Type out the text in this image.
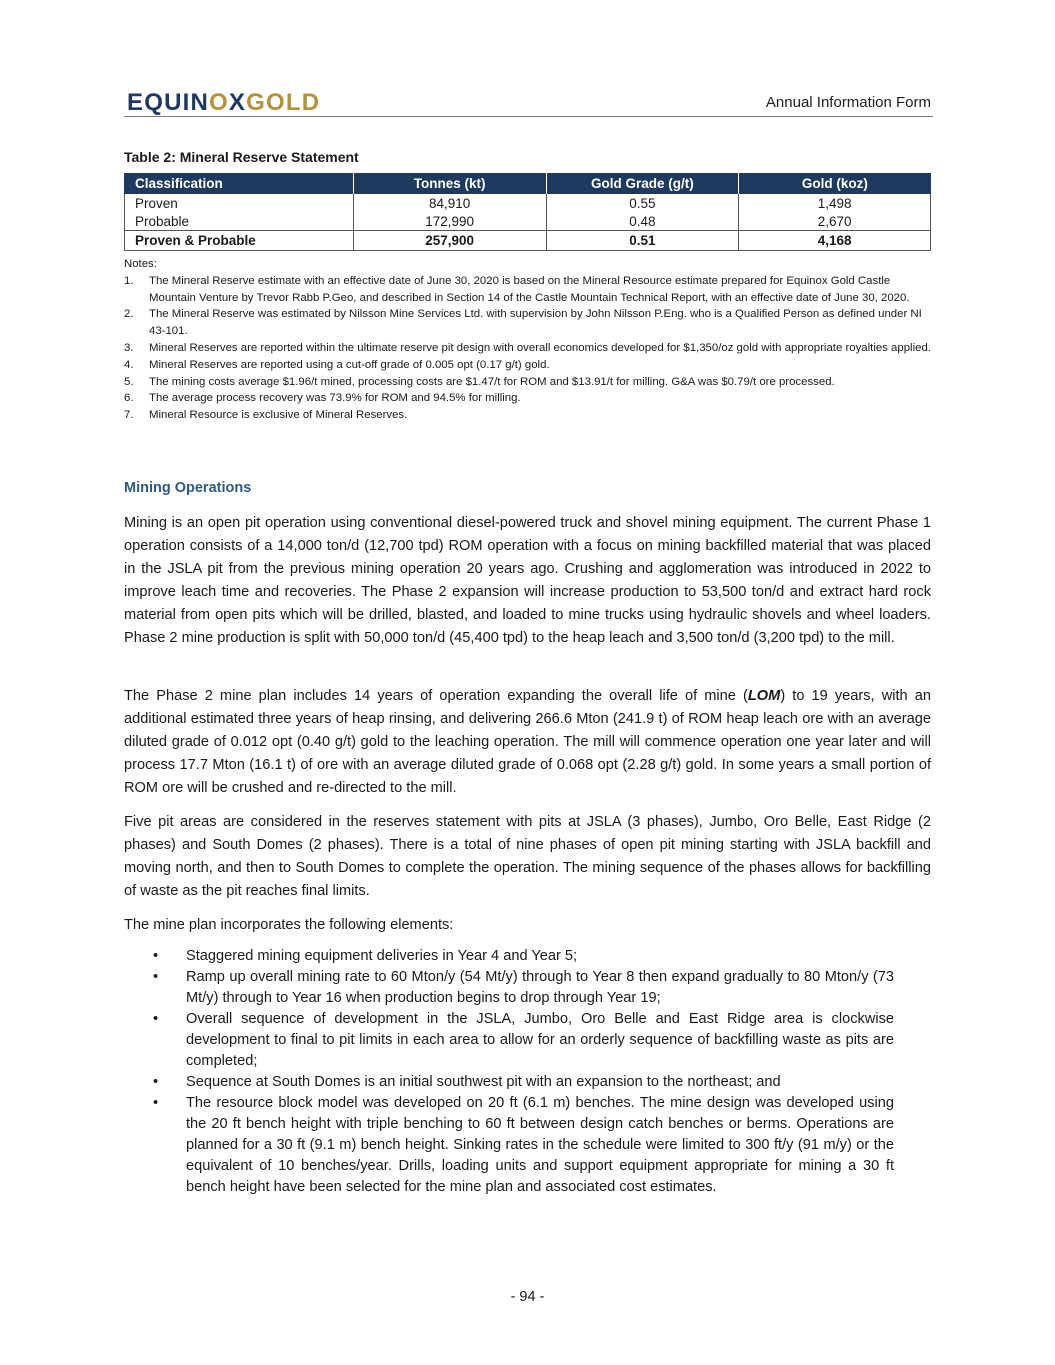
EQUINOXGOLD	Annual Information Form
Table 2: Mineral Reserve Statement
Classification	Tonnes (kt)	Gold Grade (g/t)	Gold (koz)
Proven	84,910	0.55	1,498
Probable	172,990	0.48	2,670
Proven & Probable	257,900	0.51	4,168
Notes:
1. The Mineral Reserve estimate with an effective date of June 30, 2020 is based on the Mineral Resource estimate prepared for Equinox Gold Castle Mountain Venture by Trevor Rabb P.Geo, and described in Section 14 of the Castle Mountain Technical Report, with an effective date of June 30, 2020.
2. The Mineral Reserve was estimated by Nilsson Mine Services Ltd. with supervision by John Nilsson P.Eng. who is a Qualified Person as defined under NI 43-101.
3. Mineral Reserves are reported within the ultimate reserve pit design with overall economics developed for $1,350/oz gold with appropriate royalties applied.
4. Mineral Reserves are reported using a cut-off grade of 0.005 opt (0.17 g/t) gold.
5. The mining costs average $1.96/t mined, processing costs are $1.47/t for ROM and $13.91/t for milling. G&A was $0.79/t ore processed.
6. The average process recovery was 73.9% for ROM and 94.5% for milling.
7. Mineral Resource is exclusive of Mineral Reserves.
Mining Operations
Mining is an open pit operation using conventional diesel-powered truck and shovel mining equipment. The current Phase 1 operation consists of a 14,000 ton/d (12,700 tpd) ROM operation with a focus on mining backfilled material that was placed in the JSLA pit from the previous mining operation 20 years ago. Crushing and agglomeration was introduced in 2022 to improve leach time and recoveries. The Phase 2 expansion will increase production to 53,500 ton/d and extract hard rock material from open pits which will be drilled, blasted, and loaded to mine trucks using hydraulic shovels and wheel loaders. Phase 2 mine production is split with 50,000 ton/d (45,400 tpd) to the heap leach and 3,500 ton/d (3,200 tpd) to the mill.
The Phase 2 mine plan includes 14 years of operation expanding the overall life of mine (LOM) to 19 years, with an additional estimated three years of heap rinsing, and delivering 266.6 Mton (241.9 t) of ROM heap leach ore with an average diluted grade of 0.012 opt (0.40 g/t) gold to the leaching operation. The mill will commence operation one year later and will process 17.7 Mton (16.1 t) of ore with an average diluted grade of 0.068 opt (2.28 g/t) gold. In some years a small portion of ROM ore will be crushed and re-directed to the mill.
Five pit areas are considered in the reserves statement with pits at JSLA (3 phases), Jumbo, Oro Belle, East Ridge (2 phases) and South Domes (2 phases). There is a total of nine phases of open pit mining starting with JSLA backfill and moving north, and then to South Domes to complete the operation. The mining sequence of the phases allows for backfilling of waste as the pit reaches final limits.
The mine plan incorporates the following elements:
• Staggered mining equipment deliveries in Year 4 and Year 5;
• Ramp up overall mining rate to 60 Mton/y (54 Mt/y) through to Year 8 then expand gradually to 80 Mton/y (73 Mt/y) through to Year 16 when production begins to drop through Year 19;
• Overall sequence of development in the JSLA, Jumbo, Oro Belle and East Ridge area is clockwise development to final to pit limits in each area to allow for an orderly sequence of backfilling waste as pits are completed;
• Sequence at South Domes is an initial southwest pit with an expansion to the northeast; and
• The resource block model was developed on 20 ft (6.1 m) benches. The mine design was developed using the 20 ft bench height with triple benching to 60 ft between design catch benches or berms. Operations are planned for a 30 ft (9.1 m) bench height. Sinking rates in the schedule were limited to 300 ft/y (91 m/y) or the equivalent of 10 benches/year. Drills, loading units and support equipment appropriate for mining a 30 ft bench height have been selected for the mine plan and associated cost estimates.
- 94 -
